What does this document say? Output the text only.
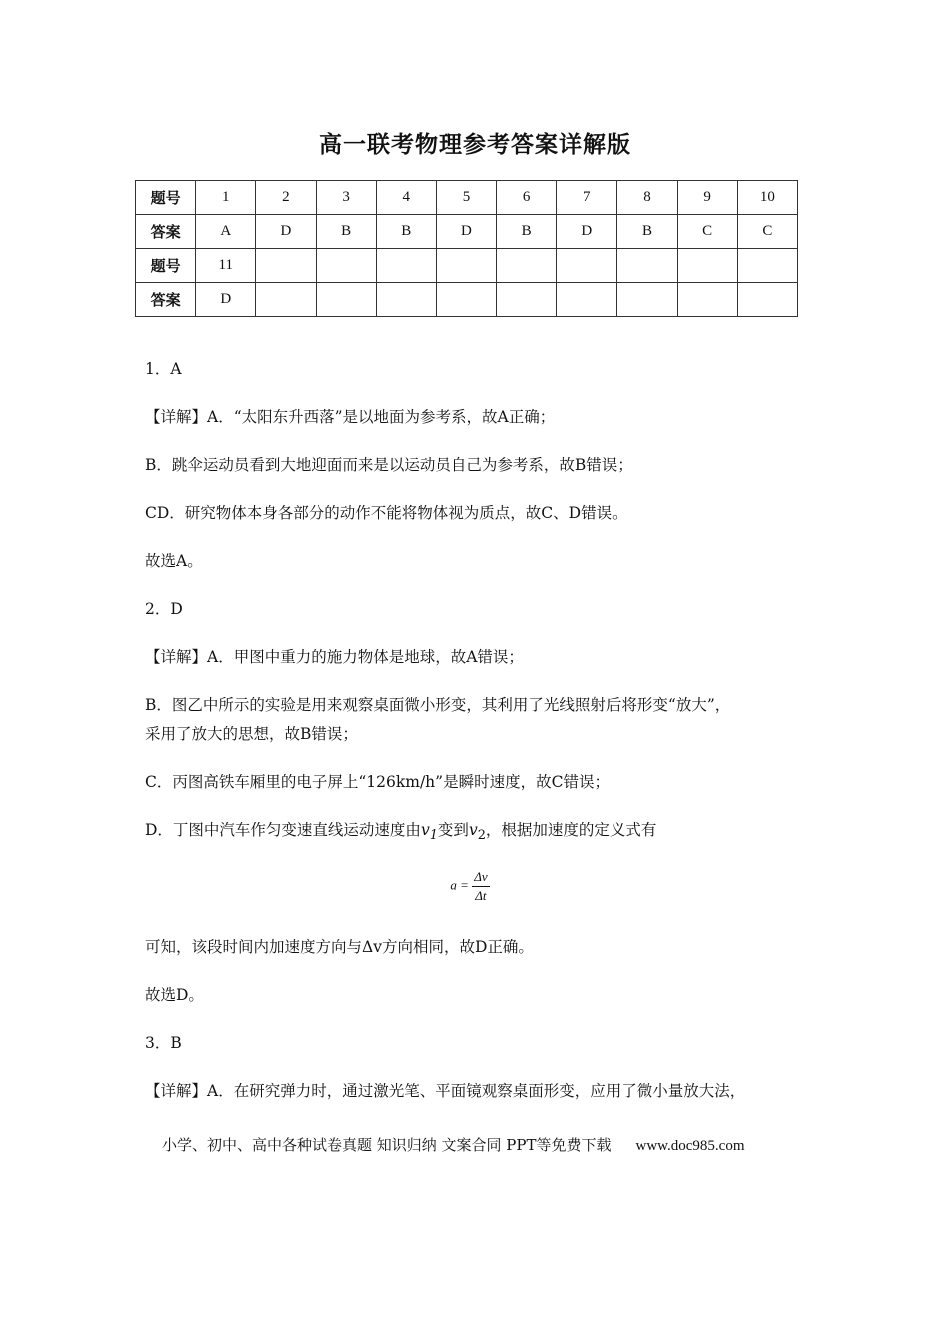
高一联考物理参考答案详解版
题号	1	2	3	4	5	6	7	8	9	10
答案	A	D	B	B	D	B	D	B	C	C
题号	11									
答案	D									

1．A

【详解】A．“太阳东升西落”是以地面为参考系，故A正确；

B．跳伞运动员看到大地迎面而来是以运动员自己为参考系，故B错误；

CD．研究物体本身各部分的动作不能将物体视为质点，故C、D错误。

故选A。

2．D

【详解】A．甲图中重力的施力物体是地球，故A错误；

B．图乙中所示的实验是用来观察桌面微小形变，其利用了光线照射后将形变“放大”，
采用了放大的思想，故B错误；

C．丙图高铁车厢里的电子屏上“126km/h”是瞬时速度，故C错误；

D．丁图中汽车作匀变速直线运动速度由$v_1$变到$v_2$，根据加速度的定义式有

$a = \frac{\Delta v}{\Delta t}$

可知，该段时间内加速度方向与Δv方向相同，故D正确。

故选D。

3．B

【详解】A．在研究弹力时，通过激光笔、平面镜观察桌面形变，应用了微小量放大法，

小学、初中、高中各种试卷真题 知识归纳 文案合同 PPT等免费下载 www.doc985.com
